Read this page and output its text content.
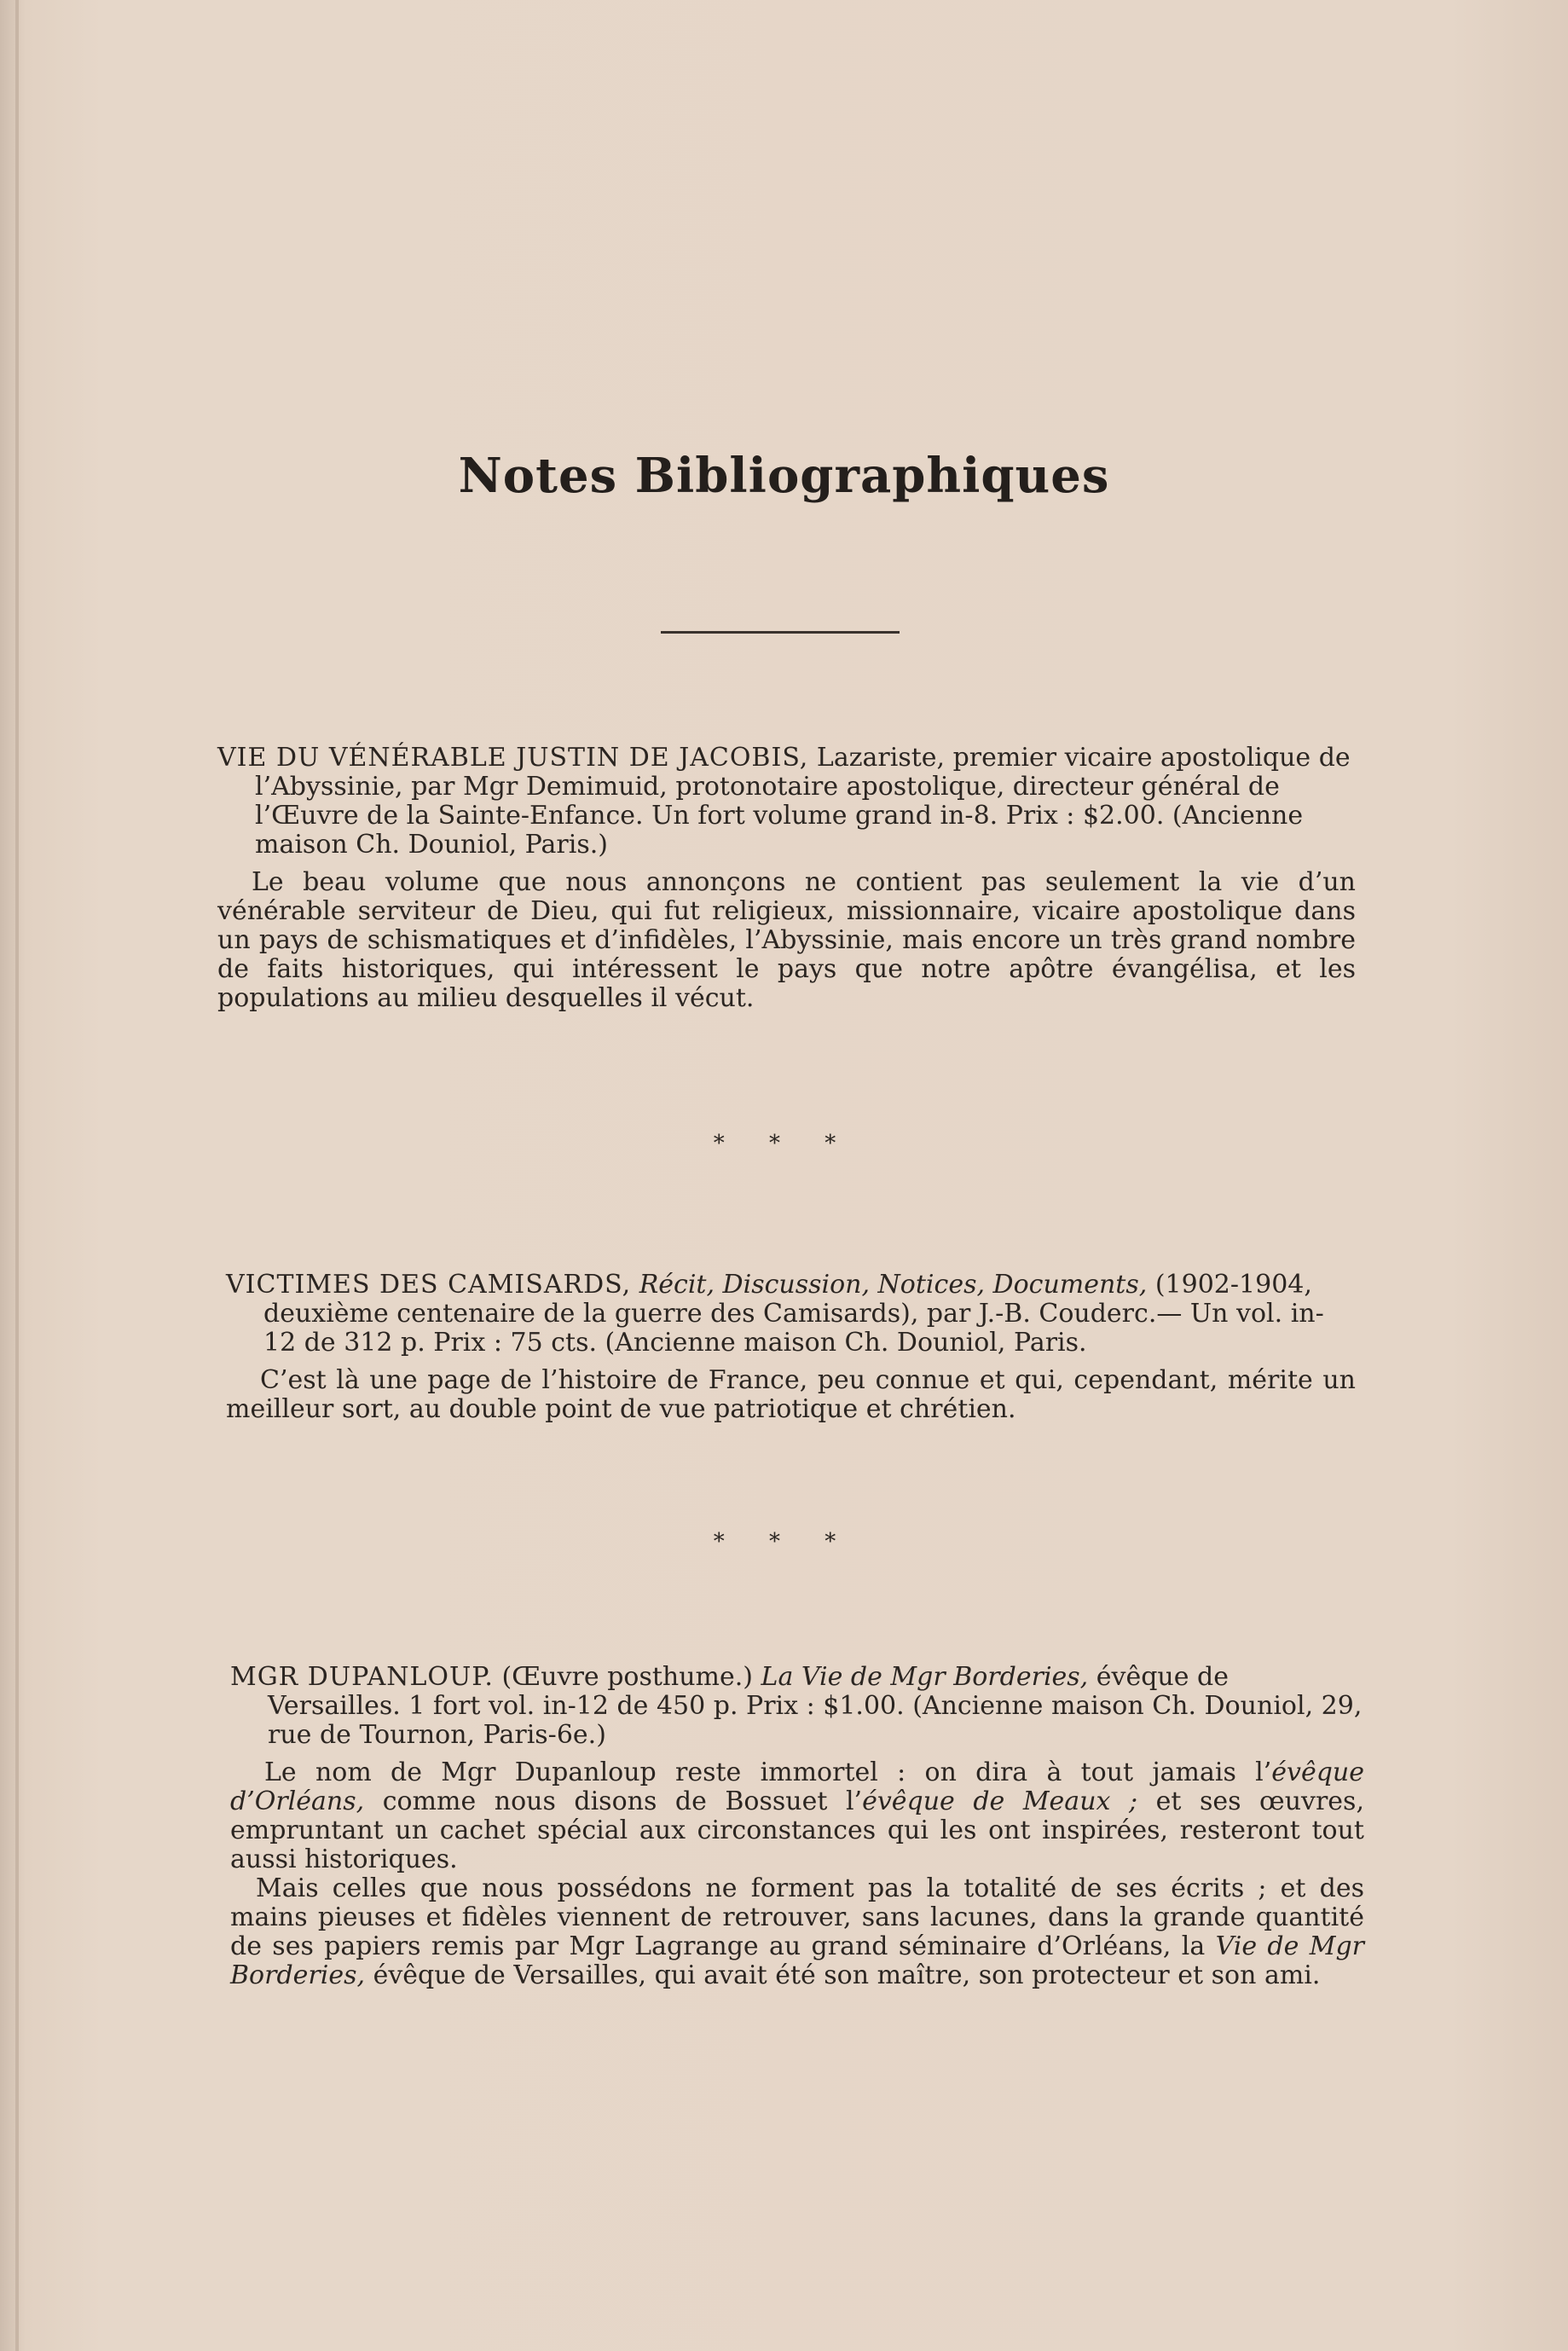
Notes Bibliographiques

VIE DU VÉNÉRABLE JUSTIN DE JACOBIS, Lazariste, premier vicaire apostolique de l’Abyssinie, par Mgr Demimuid, protonotaire apostolique, directeur général de l’Œuvre de la Sainte-Enfance. Un fort volume grand in-8. Prix : $2.00. (Ancienne maison Ch. Douniol, Paris.)

Le beau volume que nous annonçons ne contient pas seulement la vie d’un vénérable serviteur de Dieu, qui fut religieux, missionnaire, vicaire apostolique dans un pays de schismatiques et d’infidèles, l’Abyssinie, mais encore un très grand nombre de faits historiques, qui intéressent le pays que notre apôtre évangélisa, et les populations au milieu desquelles il vécut.

* * *

VICTIMES DES CAMISARDS, Récit, Discussion, Notices, Documents, (1902-1904, deuxième centenaire de la guerre des Camisards), par J.-B. Couderc.— Un vol. in-12 de 312 p. Prix : 75 cts. (Ancienne maison Ch. Douniol, Paris.

C’est là une page de l’histoire de France, peu connue et qui, cependant, mérite un meilleur sort, au double point de vue patriotique et chrétien.

* * *

MGR DUPANLOUP. (Œuvre posthume.) La Vie de Mgr Borderies, évêque de Versailles. 1 fort vol. in-12 de 450 p. Prix : $1.00. (Ancienne maison Ch. Douniol, 29, rue de Tournon, Paris-6e.)

Le nom de Mgr Dupanloup reste immortel : on dira à tout jamais l’évêque d’Orléans, comme nous disons de Bossuet l’évêque de Meaux ; et ses œuvres, empruntant un cachet spécial aux circonstances qui les ont inspirées, resteront tout aussi historiques.

Mais celles que nous possédons ne forment pas la totalité de ses écrits ; et des mains pieuses et fidèles viennent de retrouver, sans lacunes, dans la grande quantité de ses papiers remis par Mgr Lagrange au grand séminaire d’Orléans, la Vie de Mgr Borderies, évêque de Versailles, qui avait été son maître, son protecteur et son ami.
